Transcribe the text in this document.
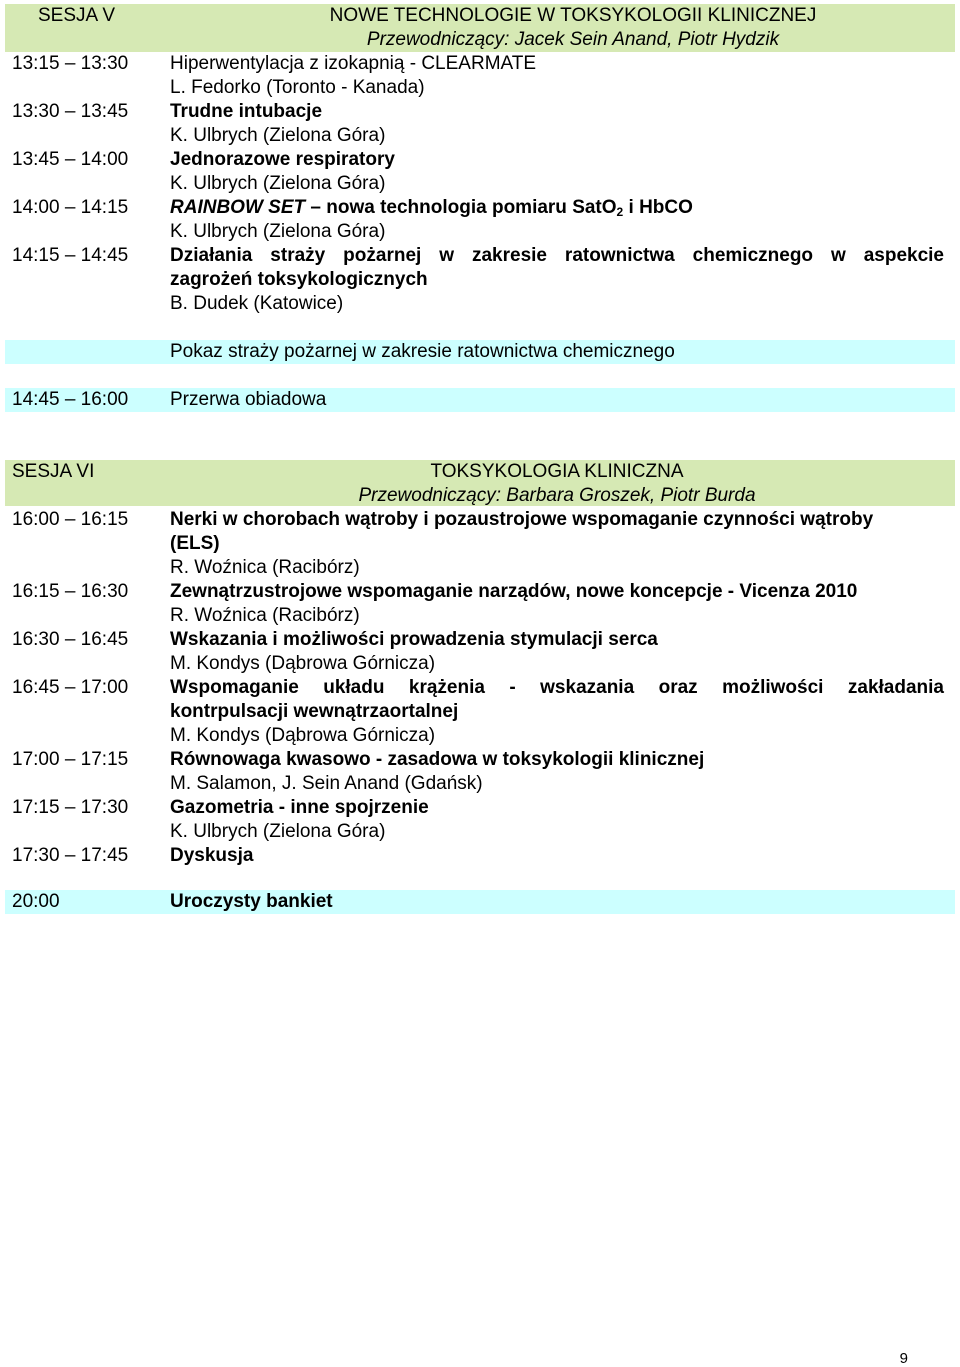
SESJA V	NOWE TECHNOLOGIE W TOKSYKOLOGII KLINICZNEJ
Przewodniczący: Jacek Sein Anand, Piotr Hydzik
13:15 – 13:30 Hiperwentylacja z izokapnią - CLEARMATE
L. Fedorko (Toronto - Kanada)
13:30 – 13:45 Trudne intubacje
K. Ulbrych (Zielona Góra)
13:45 – 14:00 Jednorazowe respiratory
K. Ulbrych (Zielona Góra)
14:00 – 14:15 RAINBOW SET – nowa technologia pomiaru SatO$_2$ i HbCO
K. Ulbrych (Zielona Góra)
14:15 – 14:45 Działania straży pożarnej w zakresie ratownictwa chemicznego w aspekcie
zagrożeń toksykologicznych
B. Dudek (Katowice)
Pokaz straży pożarnej w zakresie ratownictwa chemicznego
14:45 – 16:00 Przerwa obiadowa
SESJA VI	TOKSYKOLOGIA KLINICZNA
Przewodniczący: Barbara Groszek, Piotr Burda
16:00 – 16:15 Nerki w chorobach wątroby i pozaustrojowe wspomaganie czynności wątroby
(ELS)
R. Woźnica (Racibórz)
16:15 – 16:30 Zewnątrzustrojowe wspomaganie narządów, nowe koncepcje - Vicenza 2010
R. Woźnica (Racibórz)
16:30 – 16:45 Wskazania i możliwości prowadzenia stymulacji serca
M. Kondys (Dąbrowa Górnicza)
16:45 – 17:00 Wspomaganie układu krążenia - wskazania oraz możliwości zakładania
kontrpulsacji wewnątrzaortalnej
M. Kondys (Dąbrowa Górnicza)
17:00 – 17:15 Równowaga kwasowo - zasadowa w toksykologii klinicznej
M. Salamon, J. Sein Anand (Gdańsk)
17:15 – 17:30 Gazometria - inne spojrzenie
K. Ulbrych (Zielona Góra)
17:30 – 17:45 Dyskusja
20:00	Uroczysty bankiet
9
